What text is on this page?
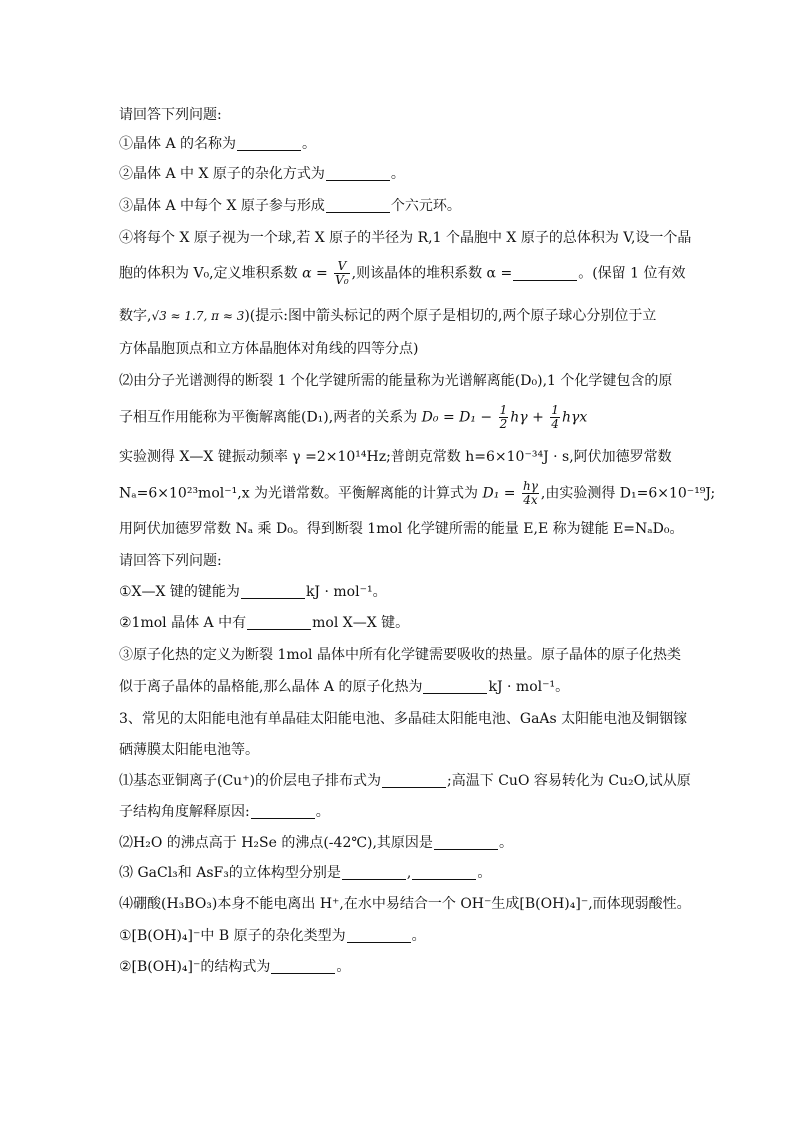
请回答下列问题:
①晶体 A 的名称为	。
②晶体 A 中 X 原子的杂化方式为	。
③晶体 A 中每个 X 原子参与形成	个六元环。
④将每个 X 原子视为一个球,若 X 原子的半径为 R,1 个晶胞中 X 原子的总体积为 V,设一个晶
胞的体积为 V₀,定义堆积系数 $\alpha = \frac{V}{\text{V₀}}$ ,则该晶体的堆积系数 α =	。(保留 1 位有效
数字,√3 ≈ 1.7, π ≈ 3)(提示:图中箭头标记的两个原子是相切的,两个原子球心分别位于立
方体晶胞顶点和立方体晶胞体对角线的四等分点)
⑵由分子光谱测得的断裂 1 个化学键所需的能量称为光谱解离能(D₀),1 个化学键包含的原
子相互作用能称为平衡解离能(D₁),两者的关系为 $D_0 = D_1 - \frac{1}{2}$ $h\gamma + \frac{1}{4}$ hγx
实验测得 X—X 键振动频率 γ =2×10¹⁴Hz;普朗克常数 h=6×10⁻³⁴J · s,阿伏加德罗常数
Nₐ=6×10²³mol⁻¹,x 为光谱常数。平衡解离能的计算式为 $D_1 = \frac{h\gamma}{4x}$ ,由实验测得 D₁=6×10⁻¹⁹J;
用阿伏加德罗常数 Nₐ 乘 D₀。得到断裂 1mol 化学键所需的能量 E,E 称为键能 E=NₐD₀。
请回答下列问题:
①X—X 键的键能为	kJ · mol⁻¹。
②1mol 晶体 A 中有	mol X—X 键。
③原子化热的定义为断裂 1mol 晶体中所有化学键需要吸收的热量。原子晶体的原子化热类
似于离子晶体的晶格能,那么晶体 A 的原子化热为	kJ · mol⁻¹。
3、常见的太阳能电池有单晶硅太阳能电池、多晶硅太阳能电池、GaAs 太阳能电池及铜铟镓
硒薄膜太阳能电池等。
⑴基态亚铜离子(Cu⁺)的价层电子排布式为	;高温下 CuO 容易转化为 Cu₂O,试从原
子结构角度解释原因:	。
⑵H₂O 的沸点高于 H₂Se 的沸点(-42℃),其原因是	。
⑶ GaCl₃和 AsF₃的立体构型分别是	,	。
⑷硼酸(H₃BO₃)本身不能电离出 H⁺,在水中易结合一个 OH⁻生成[B(OH)₄]⁻,而体现弱酸性。
①[B(OH)₄]⁻中 B 原子的杂化类型为	。
②[B(OH)₄]⁻的结构式为	。
